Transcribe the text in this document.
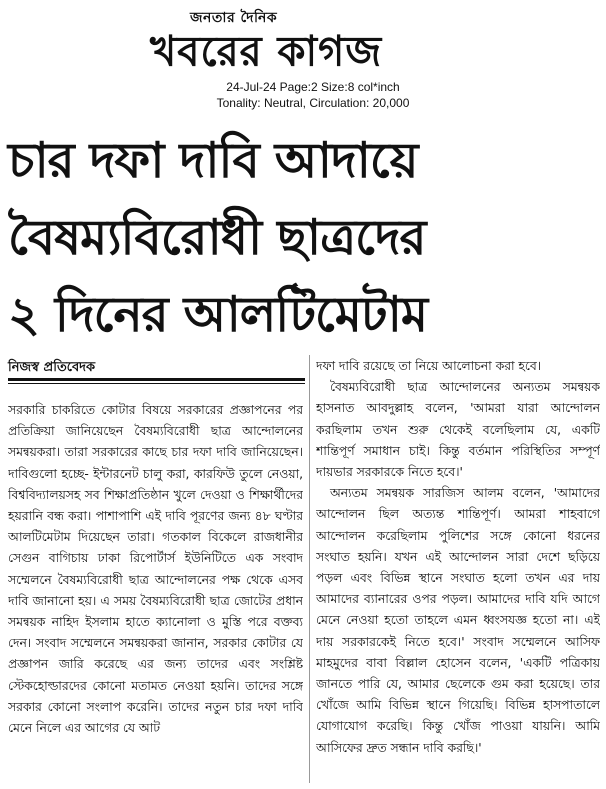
জনতার দৈনিক
খবরের কাগজ
24-Jul-24 Page:2 Size:8 col*inch
Tonality: Neutral, Circulation: 20,000
চার দফা দাবি আদায়ে
বৈষম্যবিরোধী ছাত্রদের
২ দিনের আলটিমেটাম
নিজস্ব প্রতিবেদক

সরকারি চাকরিতে কোটার বিষয়ে সরকারের প্রজ্ঞাপনের পর প্রতিক্রিয়া জানিয়েছেন বৈষম্যবিরোধী ছাত্র আন্দোলনের সমন্বয়করা। তারা সরকারের কাছে চার দফা দাবি জানিয়েছেন। দাবিগুলো হচ্ছে- ইন্টারনেট চালু করা, কারফিউ তুলে নেওয়া, বিশ্ববিদ্যালয়সহ সব শিক্ষাপ্রতিষ্ঠান খুলে দেওয়া ও শিক্ষার্থীদের হয়রানি বন্ধ করা। পাশাপাশি এই দাবি পূরণের জন্য ৪৮ ঘণ্টার আলটিমেটাম দিয়েছেন তারা। গতকাল বিকেলে রাজধানীর সেগুন বাগিচায় ঢাকা রিপোর্টার্স ইউনিটিতে এক সংবাদ সম্মেলনে বৈষম্যবিরোধী ছাত্র আন্দোলনের পক্ষ থেকে এসব দাবি জানানো হয়। এ সময় বৈষম্যবিরোধী ছাত্র জোটের প্রধান সমন্বয়ক নাহিদ ইসলাম হাতে ক্যানোলা ও মুস্তি পরে বক্তব্য দেন। সংবাদ সম্মেলনে সমন্বয়করা জানান, সরকার কোটার যে প্রজ্ঞাপন জারি করেছে এর জন্য তাদের এবং সংশ্লিষ্ট স্টেকহোল্ডারদের কোনো মতামত নেওয়া হয়নি। তাদের সঙ্গে সরকার কোনো সংলাপ করেনি। তাদের নতুন চার দফা দাবি মেনে নিলে এর আগের যে আট

দফা দাবি রয়েছে তা নিয়ে আলোচনা করা হবে।

বৈষম্যবিরোধী ছাত্র আন্দোলনের অন্যতম সমন্বয়ক হাসনাত আবদুল্লাহ বলেন, 'আমরা যারা আন্দোলন করছিলাম তখন শুরু থেকেই বলেছিলাম যে, একটি শান্তিপূর্ণ সমাধান চাই। কিন্তু বর্তমান পরিস্থিতির সম্পূর্ণ দায়ভার সরকারকে নিতে হবে।'

অন্যতম সমন্বয়ক সারজিস আলম বলেন, 'আমাদের আন্দোলন ছিল অত্যন্ত শান্তিপূর্ণ। আমরা শাহবাগে আন্দোলন করেছিলাম পুলিশের সঙ্গে কোনো ধরনের সংঘাত হয়নি। যখন এই আন্দোলন সারা দেশে ছড়িয়ে পড়ল এবং বিভিন্ন স্থানে সংঘাত হলো তখন এর দায় আমাদের ব্যানারের ওপর পড়ল। আমাদের দাবি যদি আগে মেনে নেওয়া হতো তাহলে এমন ধ্বংসযজ্ঞ হতো না। এই দায় সরকারকেই নিতে হবে।' সংবাদ সম্মেলনে আসিফ মাহমুদের বাবা বিল্লাল হোসেন বলেন, 'একটি পত্রিকায় জানতে পারি যে, আমার ছেলেকে গুম করা হয়েছে। তার খোঁজে আমি বিভিন্ন স্থানে গিয়েছি। বিভিন্ন হাসপাতালে যোগাযোগ করেছি। কিন্তু খোঁজ পাওয়া যায়নি। আমি আসিফের দ্রুত সন্ধান দাবি করছি।'
